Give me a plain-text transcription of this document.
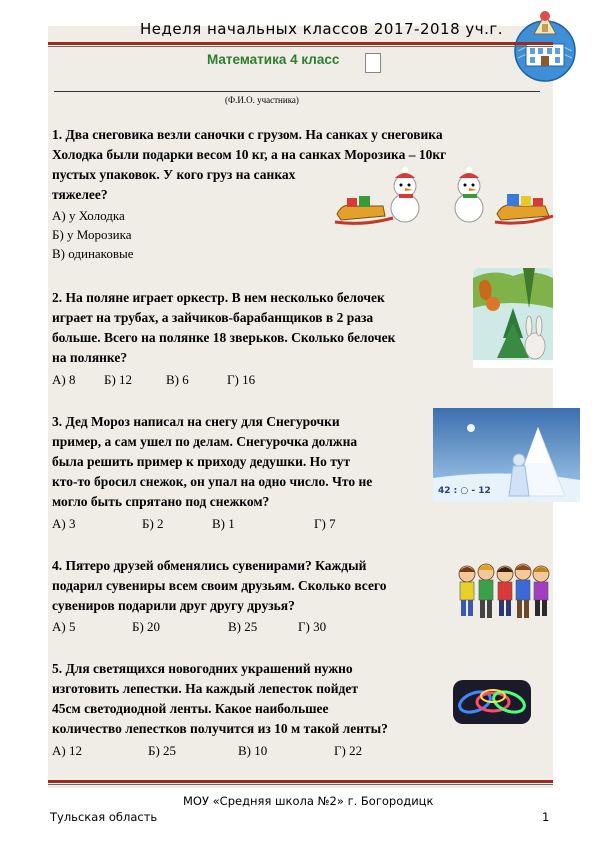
Неделя начальных классов 2017-2018 уч.г.
Математика 4 класс
(Ф.И.О. участника)
1. Два снеговика везли саночки с грузом. На санках у снеговика
Холодка были подарки весом 10 кг, а на санках Морозика – 10кг
пустых упаковок. У кого груз на санках
тяжелее?
А) у Холодка
Б) у Морозика
В) одинаковые
2. На поляне играет оркестр. В нем несколько белочек
играет на трубах, а зайчиков-барабанщиков в 2 раза
больше. Всего на полянке 18 зверьков. Сколько белочек
на полянке?
А) 8 Б) 12	В) 6	Г) 16
3. Дед Мороз написал на снегу для Снегурочки
пример, а сам ушел по делам. Снегурочка должна
была решить пример к приходу дедушки. Но тут
кто-то бросил снежок, он упал на одно число. Что не
могло быть спрятано под снежком?
А) 3	Б) 2	В) 1	Г) 7
42 : ○ - 12
4. Пятеро друзей обменялись сувенирами? Каждый
подарил сувениры всем своим друзьям. Сколько всего
сувениров подарили друг другу друзья?
А) 5	Б) 20	В) 25	Г) 30
5. Для светящихся новогодних украшений нужно
изготовить лепестки. На каждый лепесток пойдет
45см светодиодной ленты. Какое наибольшее
количество лепестков получится из 10 м такой ленты?
А) 12	Б) 25	В) 10	Г) 22
МОУ «Средняя школа №2» г. Богородицк
Тульская область	1
